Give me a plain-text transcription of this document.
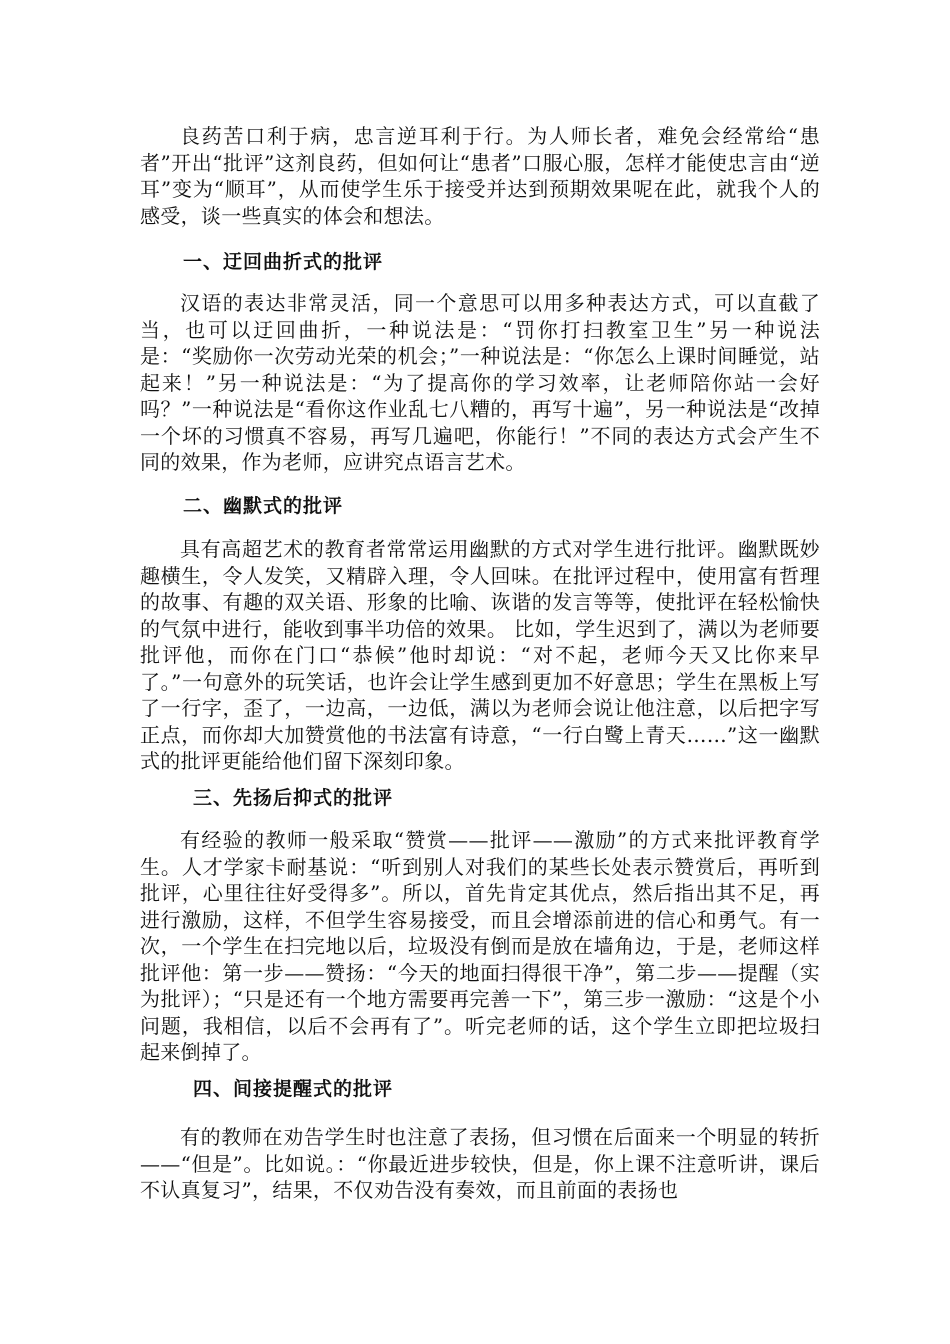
良药苦口利于病，忠言逆耳利于行。为人师长者，难免会经常给“患者”开出“批评”这剂良药，但如何让“患者”口服心服，怎样才能使忠言由“逆耳”变为“顺耳”，从而使学生乐于接受并达到预期效果呢在此，就我个人的感受，谈一些真实的体会和想法。

一、迂回曲折式的批评

汉语的表达非常灵活，同一个意思可以用多种表达方式，可以直截了当，也可以迂回曲折，一种说法是：“罚你打扫教室卫生”另一种说法是：“奖励你一次劳动光荣的机会；”一种说法是：“你怎么上课时间睡觉，站起来！”另一种说法是：“为了提高你的学习效率，让老师陪你站一会好吗？”一种说法是“看你这作业乱七八糟的，再写十遍”，另一种说法是“改掉一个坏的习惯真不容易，再写几遍吧，你能行！”不同的表达方式会产生不同的效果，作为老师，应讲究点语言艺术。

二、幽默式的批评

具有高超艺术的教育者常常运用幽默的方式对学生进行批评。幽默既妙趣横生，令人发笑，又精辟入理，令人回味。在批评过程中，使用富有哲理的故事、有趣的双关语、形象的比喻、诙谐的发言等等，使批评在轻松愉快的气氛中进行，能收到事半功倍的效果。 比如，学生迟到了，满以为老师要批评他，而你在门口“恭候”他时却说：“对不起，老师今天又比你来早了。”一句意外的玩笑话，也许会让学生感到更加不好意思；学生在黑板上写了一行字，歪了，一边高，一边低，满以为老师会说让他注意，以后把字写正点，而你却大加赞赏他的书法富有诗意，“一行白鹭上青天……”这一幽默式的批评更能给他们留下深刻印象。

三、先扬后抑式的批评

有经验的教师一般采取“赞赏——批评——激励”的方式来批评教育学生。人才学家卡耐基说：“听到别人对我们的某些长处表示赞赏后，再听到批评，心里往往好受得多”。所以，首先肯定其优点，然后指出其不足，再进行激励，这样，不但学生容易接受，而且会增添前进的信心和勇气。有一次，一个学生在扫完地以后，垃圾没有倒而是放在墙角边，于是，老师这样批评他：第一步——赞扬：“今天的地面扫得很干净”，第二步——提醒（实为批评）；“只是还有一个地方需要再完善一下”，第三步一激励：“这是个小问题，我相信，以后不会再有了”。听完老师的话，这个学生立即把垃圾扫起来倒掉了。

四、间接提醒式的批评

有的教师在劝告学生时也注意了表扬，但习惯在后面来一个明显的转折——“但是”。比如说。：“你最近进步较快，但是，你上课不注意听讲，课后不认真复习”，结果，不仅劝告没有奏效，而且前面的表扬也
